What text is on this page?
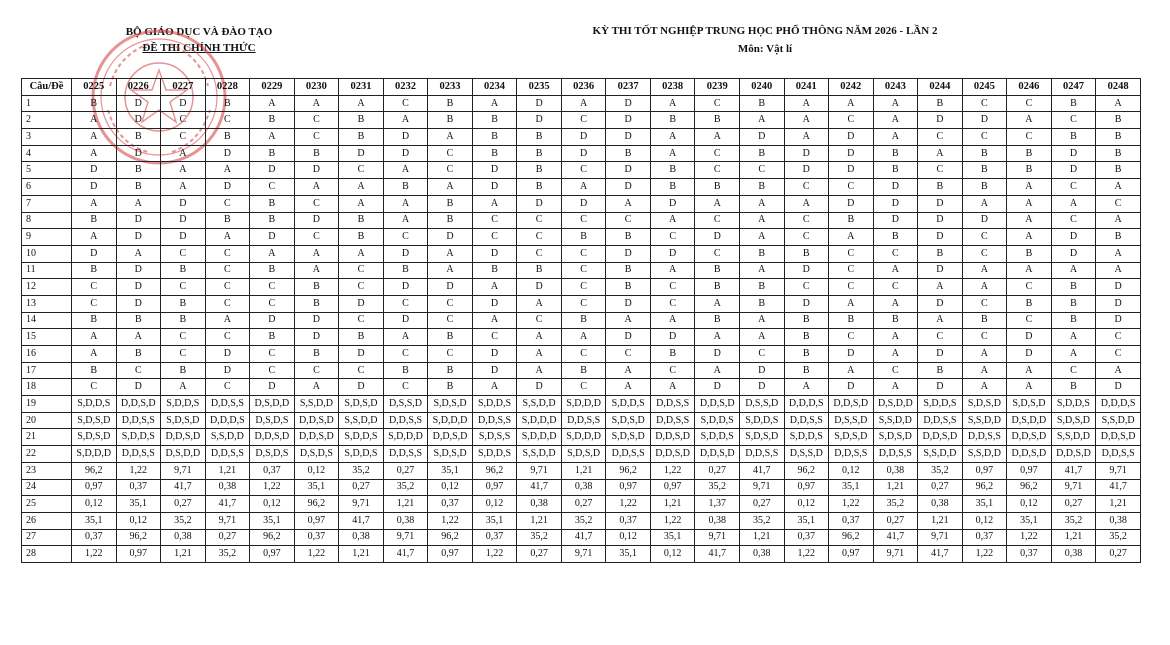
BỘ GIÁO DỤC VÀ ĐÀO TẠO
ĐỀ THI CHÍNH THỨC
KỲ THI TỐT NGHIỆP TRUNG HỌC PHỔ THÔNG NĂM 2026 - LẦN 2
Môn: Vật lí
Câu/Đề	0225	0226	0227	0228	0229	0230	0231	0232	0233	0234	0235	0236	0237	0238	0239	0240	0241	0242	0243	0244	0245	0246	0247	0248
1	B	D	D	B	A	A	A	C	B	A	D	A	D	A	C	B	A	A	A	B	C	C	B	A
2	A	D	C	C	B	C	B	A	B	B	D	C	D	B	B	A	A	C	A	D	D	A	C	B
3	A	B	C	B	A	C	B	D	A	B	B	D	D	A	A	D	A	D	A	C	C	C	B	B
4	A	D	A	D	B	B	D	D	C	B	B	D	B	A	C	B	D	D	B	A	B	B	D	B
5	D	B	A	A	D	D	C	A	C	D	B	C	D	B	C	C	D	D	B	C	B	B	D	B
6	D	B	A	D	C	A	A	B	A	D	B	A	D	B	B	B	C	C	D	B	B	A	C	A
7	A	A	D	C	B	C	A	A	B	A	D	D	A	D	A	A	A	D	D	D	A	A	A	C
8	B	D	D	B	B	D	B	A	B	C	C	C	C	A	C	A	C	B	D	D	D	A	C	A
9	A	D	D	A	D	C	B	C	D	C	C	B	B	C	D	A	C	A	B	D	C	A	D	B
10	D	A	C	C	A	A	A	D	A	D	C	C	D	D	C	B	B	C	C	B	C	B	D	A
11	B	D	B	C	B	A	C	B	A	B	B	C	B	A	B	A	D	C	A	D	A	A	A	A
12	C	D	C	C	C	B	C	D	D	A	D	C	B	C	B	B	C	C	C	A	A	C	B	D
13	C	D	B	C	C	B	D	C	C	D	A	C	D	C	A	B	D	A	A	D	C	B	B	D
14	B	B	B	A	D	D	C	D	C	A	C	B	A	A	B	A	B	B	B	A	B	C	B	D
15	A	A	C	C	B	D	B	A	B	C	A	A	D	D	A	A	B	C	A	C	C	D	A	C
16	A	B	C	D	C	B	D	C	C	D	A	C	C	B	D	C	B	D	A	D	A	D	A	C
17	B	C	B	D	C	C	C	B	B	D	A	B	A	C	A	D	B	A	C	B	A	A	C	A
18	C	D	A	C	D	A	D	C	B	A	D	C	A	A	D	D	A	D	A	D	A	A	B	D
19	S,D,D,S	D,D,S,D	S,D,D,S	D,D,S,S	D,S,D,D	S,S,D,D	S,D,S,D	D,S,S,D	S,D,S,D	S,D,D,S	S,S,D,D	S,D,D,D	S,D,D,S	D,D,S,S	D,D,S,D	D,S,S,D	D,D,D,S	D,D,S,D	D,S,D,D	S,D,D,S	S,D,S,D	S,D,S,D	S,D,D,S	D,D,D,S
20	S,D,S,D	D,D,S,S	S,D,S,D	D,D,D,S	D,S,D,S	D,D,S,D	S,S,D,D	D,D,S,S	S,D,D,D	D,D,S,S	S,D,D,D	D,D,S,S	S,D,S,D	D,D,S,S	S,D,D,S	S,D,D,S	D,D,S,S	D,S,S,D	S,S,D,D	D,D,S,S	S,S,D,D	D,S,D,D	S,D,S,D	S,S,D,D
21	S,D,S,D	S,D,D,S	D,D,S,D	S,S,D,D	D,D,S,D	D,D,S,D	S,D,D,S	S,D,D,D	D,D,S,D	S,D,S,S	S,D,D,D	S,D,D,D	S,D,S,D	D,D,S,D	S,D,D,S	S,D,S,D	S,D,D,S	S,D,S,D	S,D,S,D	D,D,S,D	D,D,S,S	D,D,S,D	S,S,D,D	D,D,S,D
22	S,D,D,D	D,D,S,S	D,S,D,D	D,D,S,S	D,S,D,S	D,S,D,S	S,D,D,S	D,D,S,S	S,D,S,D	S,D,D,S	S,S,D,D	S,D,S,D	D,D,S,S	D,D,S,D	D,D,S,D	D,D,S,S	D,S,S,D	D,D,S,S	D,D,S,S	S,S,D,D	S,S,D,D	D,D,S,D	D,D,S,D	D,D,S,S
23	96,2	1,22	9,71	1,21	0,37	0,12	35,2	0,27	35,1	96,2	9,71	1,21	96,2	1,22	0,27	41,7	96,2	0,12	0,38	35,2	0,97	0,97	41,7	9,71
24	0,97	0,37	41,7	0,38	1,22	35,1	0,27	35,2	0,12	0,97	41,7	0,38	0,97	0,97	35,2	9,71	0,97	35,1	1,21	0,27	96,2	96,2	9,71	41,7
25	0,12	35,1	0,27	41,7	0,12	96,2	9,71	1,21	0,37	0,12	0,38	0,27	1,22	1,21	1,37	0,27	0,12	1,22	35,2	0,38	35,1	0,12	0,27	1,21
26	35,1	0,12	35,2	9,71	35,1	0,97	41,7	0,38	1,22	35,1	1,21	35,2	0,37	1,22	0,38	35,2	35,1	0,37	0,27	1,21	0,12	35,1	35,2	0,38
27	0,37	96,2	0,38	0,27	96,2	0,37	0,38	9,71	96,2	0,37	35,2	41,7	0,12	35,1	9,71	1,21	0,37	96,2	41,7	9,71	0,37	1,22	1,21	35,2
28	1,22	0,97	1,21	35,2	0,97	1,22	1,21	41,7	0,97	1,22	0,27	9,71	35,1	0,12	41,7	0,38	1,22	0,97	9,71	41,7	1,22	0,37	0,38	0,27
